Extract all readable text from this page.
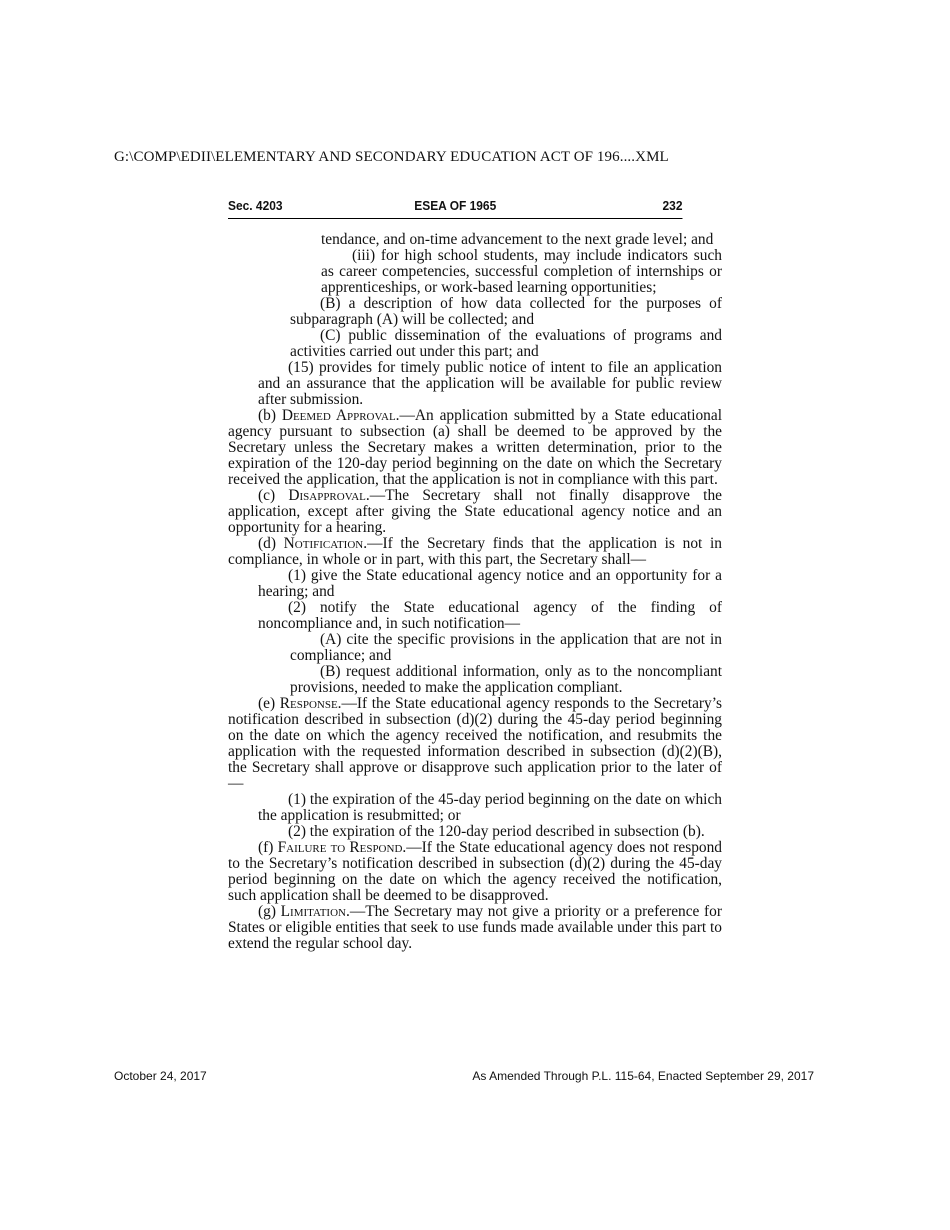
G:\COMP\EDII\ELEMENTARY AND SECONDARY EDUCATION ACT OF 196....XML
Sec. 4203	ESEA OF 1965	232

tendance, and on-time advancement to the next grade level; and

(iii) for high school students, may include indicators such as career competencies, successful completion of internships or apprenticeships, or work-based learning opportunities;

(B) a description of how data collected for the purposes of subparagraph (A) will be collected; and

(C) public dissemination of the evaluations of programs and activities carried out under this part; and

(15) provides for timely public notice of intent to file an application and an assurance that the application will be available for public review after submission.

(b) Deemed Approval.—An application submitted by a State educational agency pursuant to subsection (a) shall be deemed to be approved by the Secretary unless the Secretary makes a written determination, prior to the expiration of the 120-day period beginning on the date on which the Secretary received the application, that the application is not in compliance with this part.

(c) Disapproval.—The Secretary shall not finally disapprove the application, except after giving the State educational agency notice and an opportunity for a hearing.

(d) Notification.—If the Secretary finds that the application is not in compliance, in whole or in part, with this part, the Secretary shall—

(1) give the State educational agency notice and an opportunity for a hearing; and

(2) notify the State educational agency of the finding of noncompliance and, in such notification—

(A) cite the specific provisions in the application that are not in compliance; and

(B) request additional information, only as to the noncompliant provisions, needed to make the application compliant.

(e) Response.—If the State educational agency responds to the Secretary’s notification described in subsection (d)(2) during the 45-day period beginning on the date on which the agency received the notification, and resubmits the application with the requested information described in subsection (d)(2)(B), the Secretary shall approve or disapprove such application prior to the later of—

(1) the expiration of the 45-day period beginning on the date on which the application is resubmitted; or

(2) the expiration of the 120-day period described in subsection (b).

(f) Failure to Respond.—If the State educational agency does not respond to the Secretary’s notification described in subsection (d)(2) during the 45-day period beginning on the date on which the agency received the notification, such application shall be deemed to be disapproved.

(g) Limitation.—The Secretary may not give a priority or a preference for States or eligible entities that seek to use funds made available under this part to extend the regular school day.

October 24, 2017	As Amended Through P.L. 115-64, Enacted September 29, 2017
